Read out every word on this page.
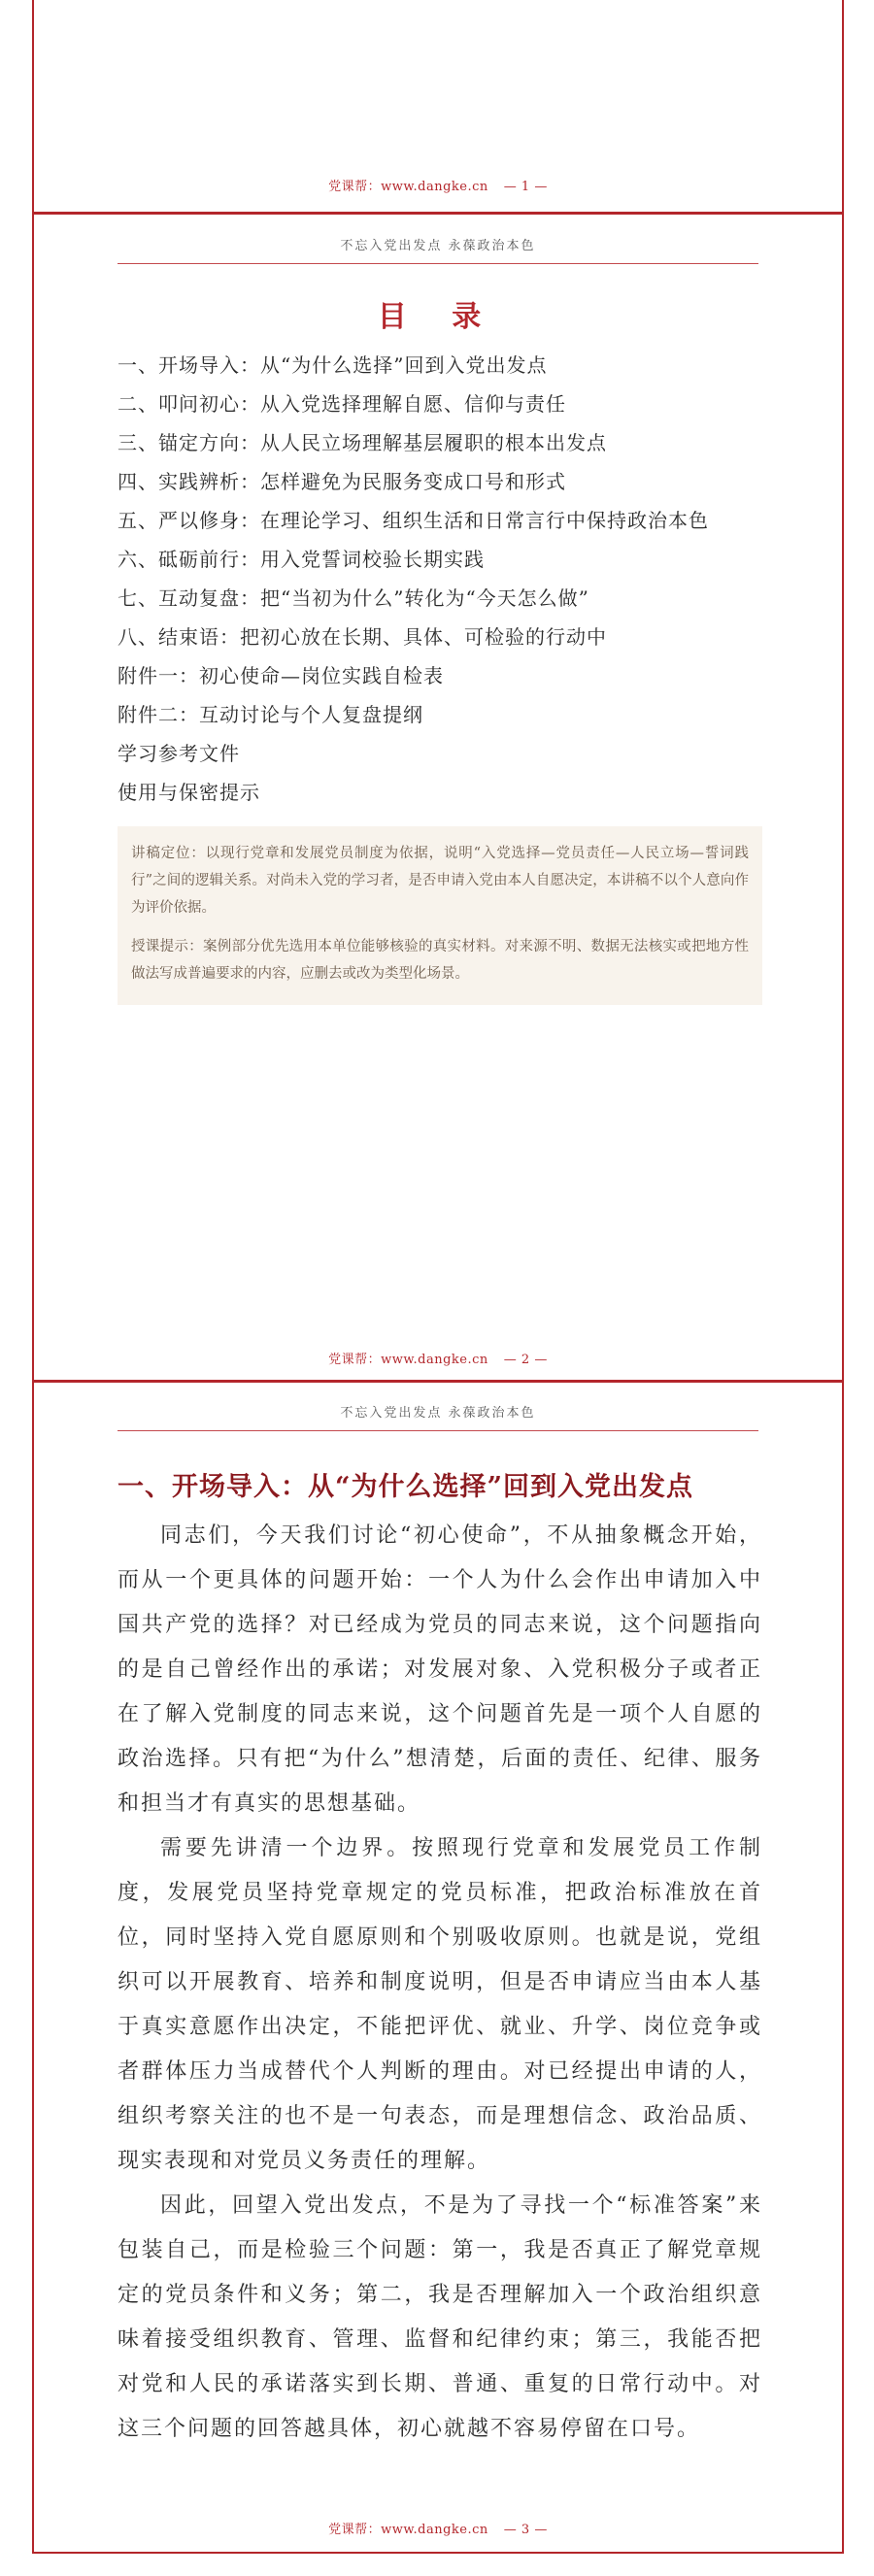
党课帮：www.dangke.cn — 1 —
不忘入党出发点 永葆政治本色
目 录
一、开场导入：从“为什么选择”回到入党出发点
二、叩问初心：从入党选择理解自愿、信仰与责任
三、锚定方向：从人民立场理解基层履职的根本出发点
四、实践辨析：怎样避免为民服务变成口号和形式
五、严以修身：在理论学习、组织生活和日常言行中保持政治本色
六、砥砺前行：用入党誓词校验长期实践
七、互动复盘：把“当初为什么”转化为“今天怎么做”
八、结束语：把初心放在长期、具体、可检验的行动中
附件一：初心使命—岗位实践自检表
附件二：互动讨论与个人复盘提纲
学习参考文件
使用与保密提示

讲稿定位：以现行党章和发展党员制度为依据，说明“入党选择—党员责任—人民立场—誓词践行”之间的逻辑关系。对尚未入党的学习者，是否申请入党由本人自愿决定，本讲稿不以个人意向作为评价依据。

授课提示：案例部分优先选用本单位能够核验的真实材料。对来源不明、数据无法核实或把地方性做法写成普遍要求的内容，应删去或改为类型化场景。

党课帮：www.dangke.cn — 2 —
不忘入党出发点 永葆政治本色
一、开场导入：从“为什么选择”回到入党出发点

同志们，今天我们讨论“初心使命”，不从抽象概念开始，而从一个更具体的问题开始：一个人为什么会作出申请加入中国共产党的选择？对已经成为党员的同志来说，这个问题指向的是自己曾经作出的承诺；对发展对象、入党积极分子或者正在了解入党制度的同志来说，这个问题首先是一项个人自愿的政治选择。只有把“为什么”想清楚，后面的责任、纪律、服务和担当才有真实的思想基础。

需要先讲清一个边界。按照现行党章和发展党员工作制度，发展党员坚持党章规定的党员标准，把政治标准放在首位，同时坚持入党自愿原则和个别吸收原则。也就是说，党组织可以开展教育、培养和制度说明，但是否申请应当由本人基于真实意愿作出决定，不能把评优、就业、升学、岗位竞争或者群体压力当成替代个人判断的理由。对已经提出申请的人，组织考察关注的也不是一句表态，而是理想信念、政治品质、现实表现和对党员义务责任的理解。

因此，回望入党出发点，不是为了寻找一个“标准答案”来包装自己，而是检验三个问题：第一，我是否真正了解党章规定的党员条件和义务；第二，我是否理解加入一个政治组织意味着接受组织教育、管理、监督和纪律约束；第三，我能否把对党和人民的承诺落实到长期、普通、重复的日常行动中。对这三个问题的回答越具体，初心就越不容易停留在口号。

党课帮：www.dangke.cn — 3 —
